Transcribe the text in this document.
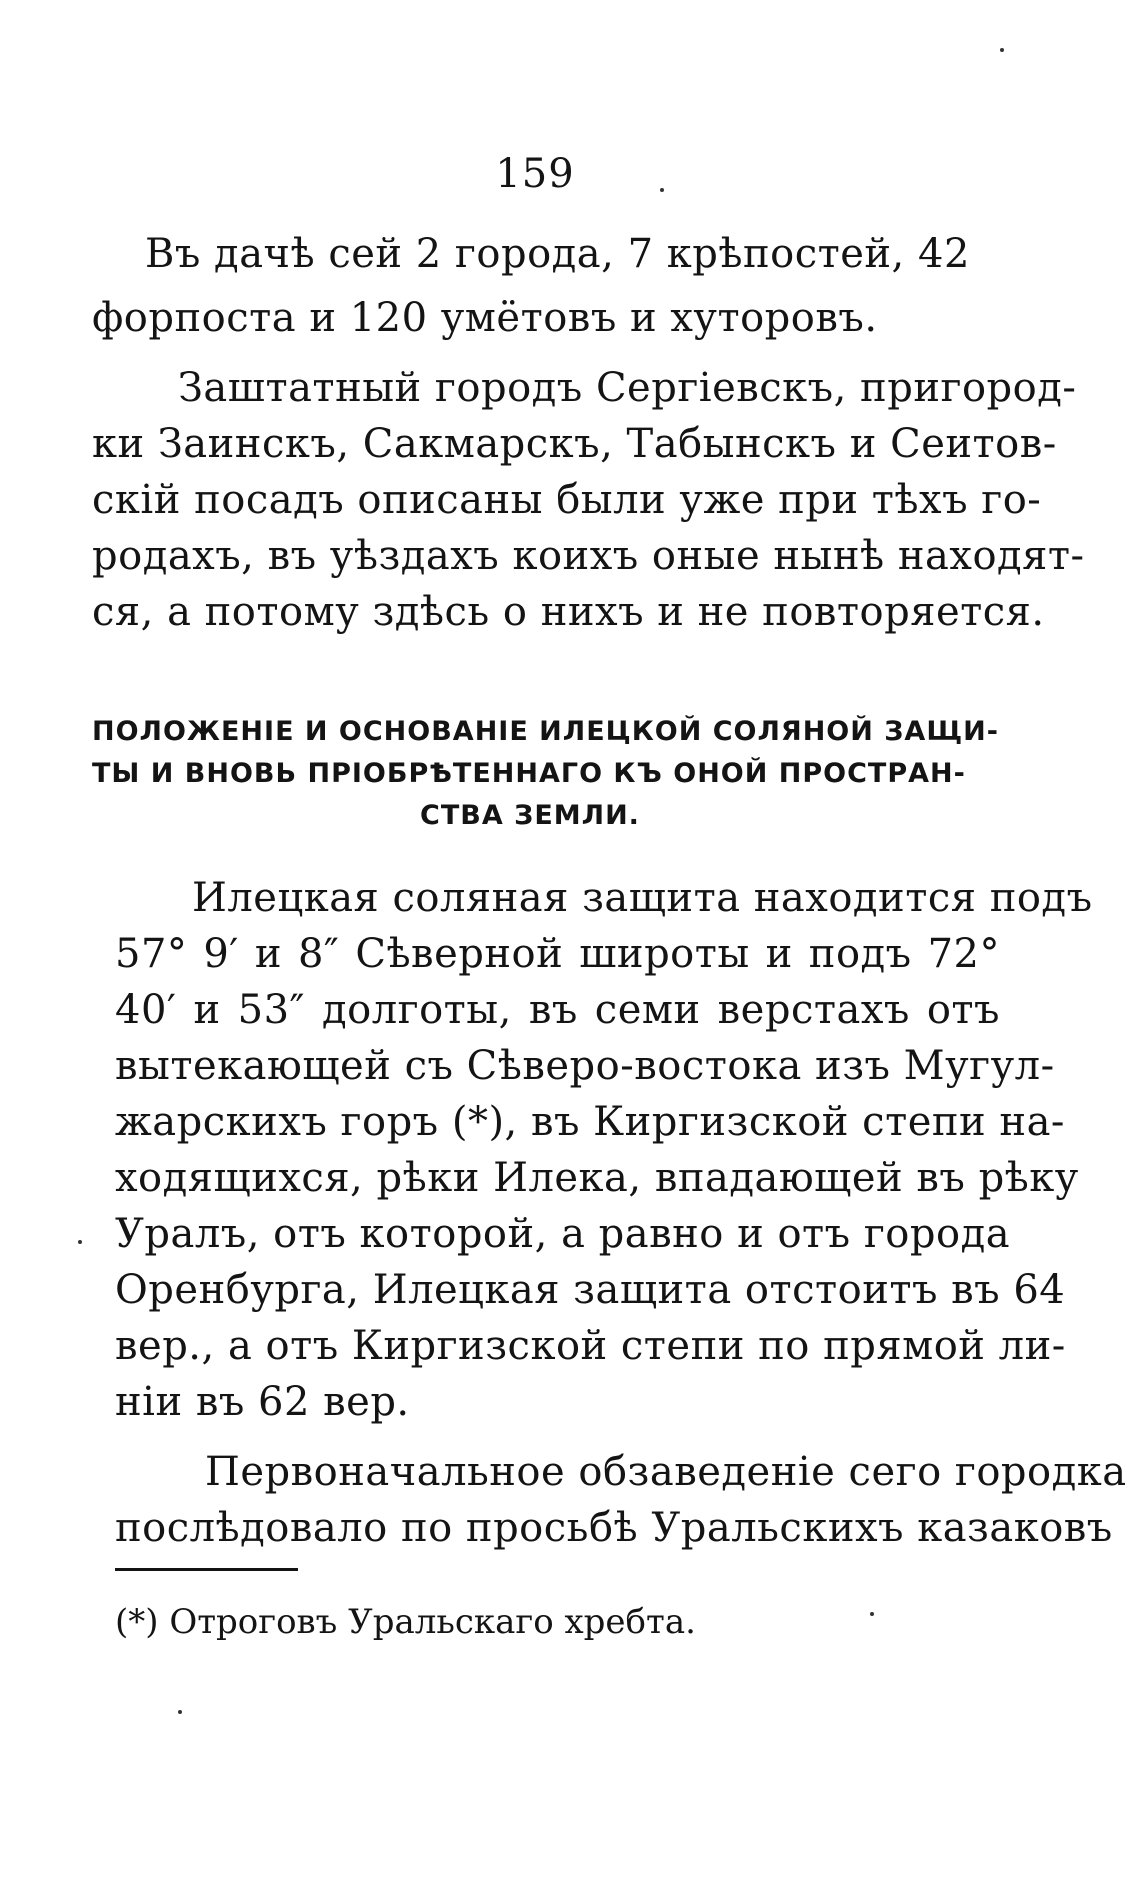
159
Въ дачѣ сей 2 города, 7 крѣпостей, 42
форпоста и 120 умётовъ и хуторовъ.
Заштатный городъ Сергiевскъ, пригород-
ки Заинскъ, Сакмарскъ, Табынскъ и Сеитов-
скiй посадъ описаны были уже при тѣхъ го-
родахъ, въ уѣздахъ коихъ оные нынѣ находят-
ся, а потому здѣсь о нихъ и не повторяется.
ПОЛОЖЕНIЕ И ОСНОВАНIЕ ИЛЕЦКОЙ СОЛЯНОЙ ЗАЩИ-
ТЫ И ВНОВЬ ПРIОБРѢТЕННАГО КЪ ОНОЙ ПРОСТРАН-
СТВА ЗЕМЛИ.
Илецкая соляная защита находится подъ
57° 9′ и 8″ Сѣверной широты и подъ 72°
40′ и 53″ долготы, въ семи верстахъ отъ
вытекающей съ Сѣверо-востока изъ Мугул-
жарскихъ горъ (*), въ Киргизской степи на-
ходящихся, рѣки Илека, впадающей въ рѣку
Уралъ, отъ которой, а равно и отъ города
Оренбурга, Илецкая защита отстоитъ въ 64
вер., а отъ Киргизской степи по прямой ли-
нiи въ 62 вер.
Первоначальное обзаведенiе сего городка
послѣдовало по просьбѣ Уральскихъ казаковъ
(*) Отроговъ Уральскаго хребта.
